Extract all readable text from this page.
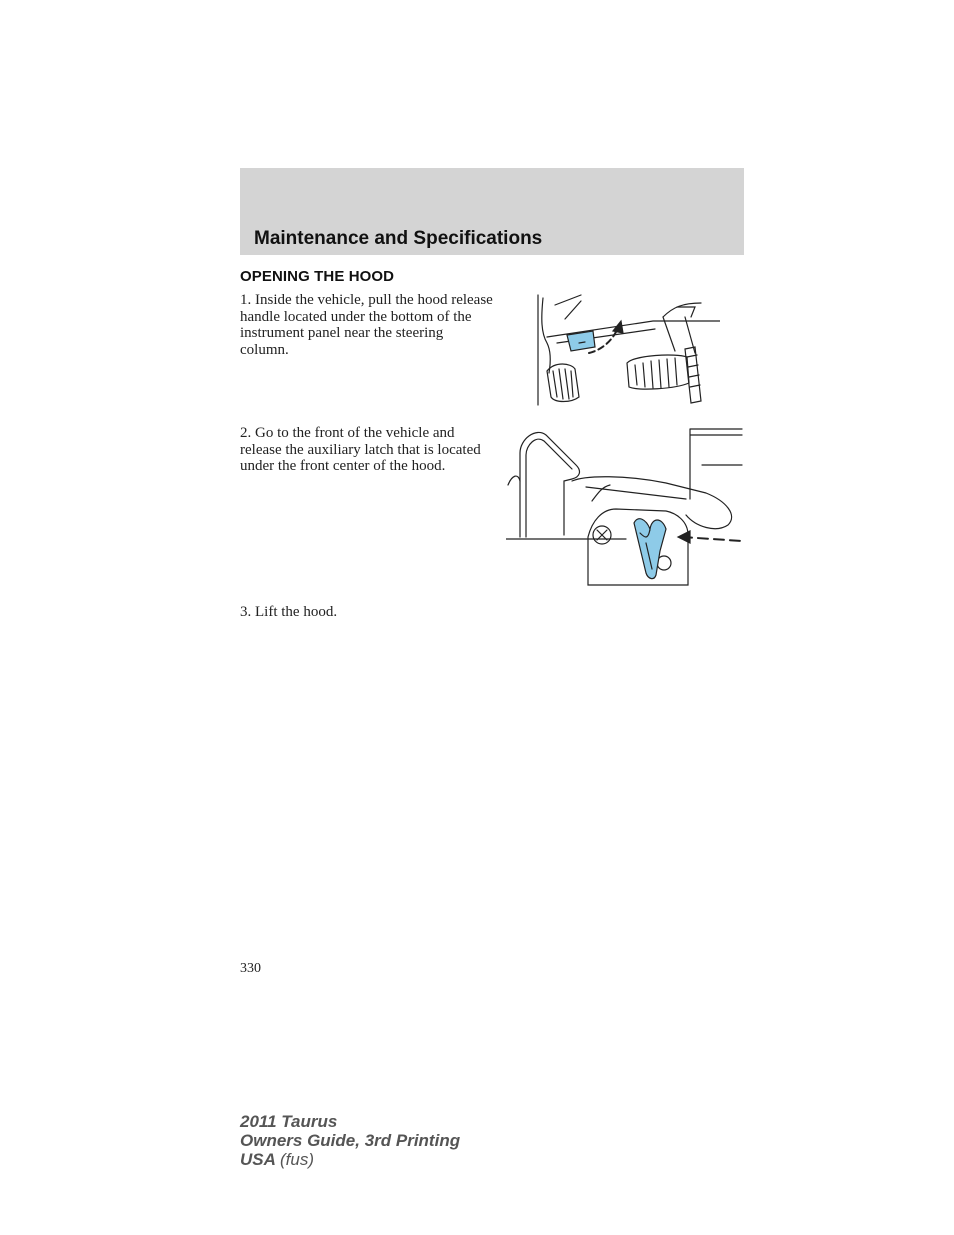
Maintenance and Specifications
OPENING THE HOOD

1. Inside the vehicle, pull the hood release handle located under the bottom of the instrument panel near the steering column.

2. Go to the front of the vehicle and release the auxiliary latch that is located under the front center of the hood.

3. Lift the hood.

330
2011 Taurus
Owners Guide, 3rd Printing
USA (fus)
